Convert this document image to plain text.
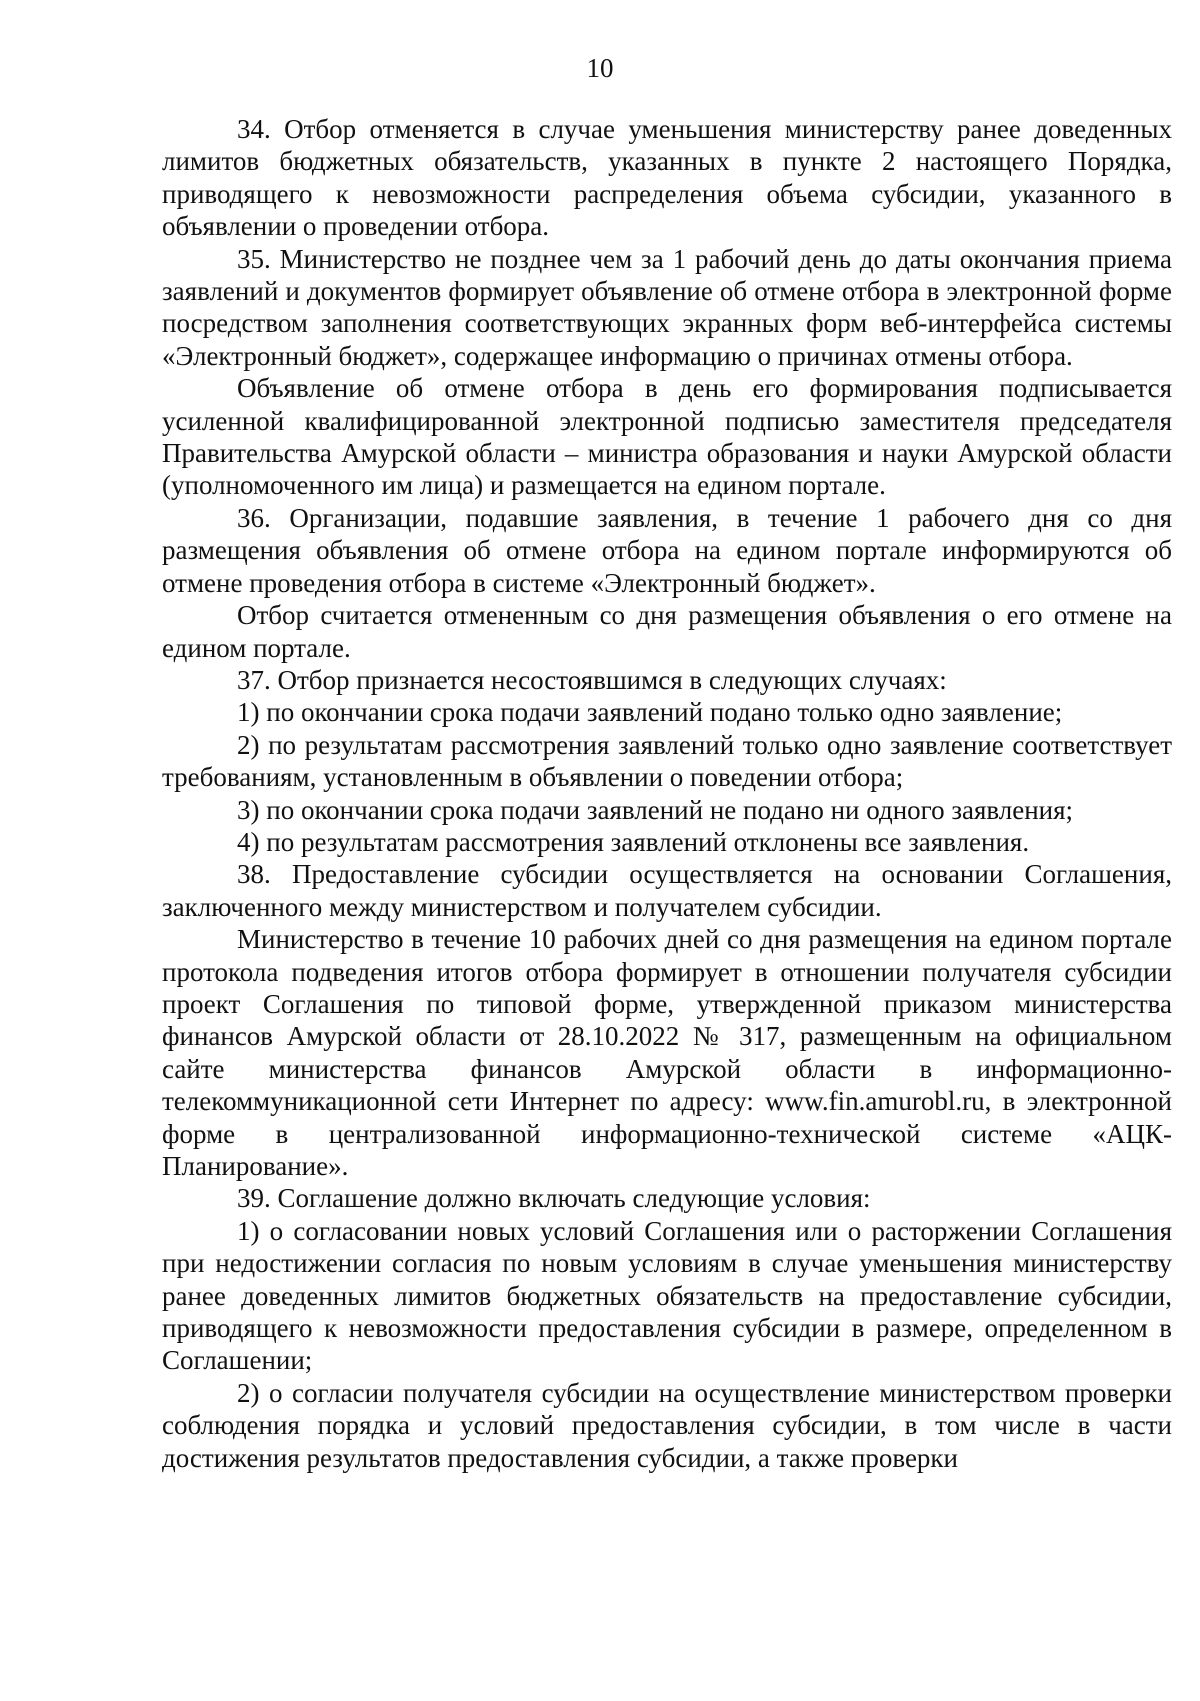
10

34. Отбор отменяется в случае уменьшения министерству ранее доведенных лимитов бюджетных обязательств, указанных в пункте 2 настоящего Порядка, приводящего к невозможности распределения объема субсидии, указанного в объявлении о проведении отбора.

35. Министерство не позднее чем за 1 рабочий день до даты окончания приема заявлений и документов формирует объявление об отмене отбора в электронной форме посредством заполнения соответствующих экранных форм веб-интерфейса системы «Электронный бюджет», содержащее информацию о причинах отмены отбора.

Объявление об отмене отбора в день его формирования подписывается усиленной квалифицированной электронной подписью заместителя председателя Правительства Амурской области – министра образования и науки Амурской области (уполномоченного им лица) и размещается на едином портале.

36. Организации, подавшие заявления, в течение 1 рабочего дня со дня размещения объявления об отмене отбора на едином портале информируются об отмене проведения отбора в системе «Электронный бюджет».

Отбор считается отмененным со дня размещения объявления о его отмене на едином портале.

37. Отбор признается несостоявшимся в следующих случаях:

1) по окончании срока подачи заявлений подано только одно заявление;

2) по результатам рассмотрения заявлений только одно заявление соответствует требованиям, установленным в объявлении о поведении отбора;

3) по окончании срока подачи заявлений не подано ни одного заявления;

4) по результатам рассмотрения заявлений отклонены все заявления.

38. Предоставление субсидии осуществляется на основании Соглашения, заключенного между министерством и получателем субсидии.

Министерство в течение 10 рабочих дней со дня размещения на едином портале протокола подведения итогов отбора формирует в отношении получателя субсидии проект Соглашения по типовой форме, утвержденной приказом министерства финансов Амурской области от 28.10.2022 № 317, размещенным на официальном сайте министерства финансов Амурской области в информационно-телекоммуникационной сети Интернет по адресу: www.fin.amurobl.ru, в электронной форме в централизованной информационно-технической системе «АЦК-Планирование».

39. Соглашение должно включать следующие условия:

1) о согласовании новых условий Соглашения или о расторжении Соглашения при недостижении согласия по новым условиям в случае уменьшения министерству ранее доведенных лимитов бюджетных обязательств на предоставление субсидии, приводящего к невозможности предоставления субсидии в размере, определенном в Соглашении;

2) о согласии получателя субсидии на осуществление министерством проверки соблюдения порядка и условий предоставления субсидии, в том числе в части достижения результатов предоставления субсидии, а также проверки
